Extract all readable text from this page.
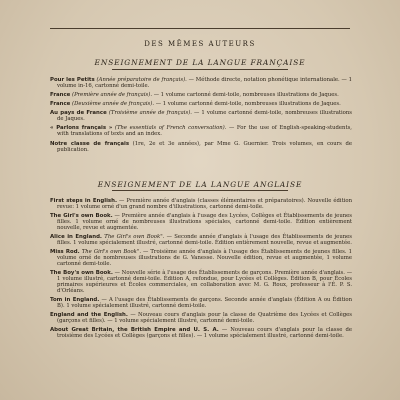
DES MÊMES AUTEURS
ENSEIGNEMENT DE LA LANGUE FRANÇAISE

Pour les Petits (Année préparatoire de français). — Méthode directe, notation phonétique internationale. — 1 volume in-16, cartonné demi-toile.

France (Première année de français). — 1 volume cartonné demi-toile, nombreuses illustrations de Jaques.

France (Deuxième année de français). — 1 volume cartonné demi-toile, nombreuses illustrations de Jaques.

Au pays de France (Troisième année de français). — 1 volume cartonné demi-toile, nombreuses illustrations de Jaques.

« Parlons français » (The essentials of French conversation). — For the use of English-speaking-students, with translations of texts and an index.

Notre classe de français (1re, 2e et 3e années), par Mme G. Guernier. Trois volumes, en cours de publication.

ENSEIGNEMENT DE LA LANGUE ANGLAISE

First steps in English. — Première année d'anglais (classes élémentaires et préparatoires). Nouvelle édition revue: 1 volume orné d'un grand nombre d'illustrations, cartonné demi-toile.

The Girl's own Book. — Première année d'anglais à l'usage des Lycées, Collèges et Établissements de jeunes filles. 1 volume orné de nombreuses illustrations spéciales, cartonné demi-toile. Édition entièrement nouvelle, revue et augmentée.

Alice in England. The Girl's own Book". — Seconde année d'anglais à l'usage des Établissements de jeunes filles. 1 volume spécialement illustré, cartonné demi-toile. Édition entièrement nouvelle, revue et augmentée.

Miss Rod. The Girl's own Book". — Troisième année d'anglais à l'usage des Établissements de jeunes filles. 1 volume orné de nombreuses illustrations de G. Vanesse. Nouvelle édition, revue et augmentée, 1 volume cartonné demi-toile.

The Boy's own Book. — Nouvelle série à l'usage des Établissements de garçons. Première année d'anglais. — 1 volume illustré, cartonné demi-toile. Édition A, refondue, pour Lycées et Collèges. Édition B, pour Écoles primaires supérieures et Écoles commerciales, en collaboration avec M. G. Roux, professeur à l'É. P. S. d'Orléans.

Tom in England. — A l'usage des Établissements de garçons. Seconde année d'anglais (Édition A ou Édition B). 1 volume spécialement illustré, cartonné demi-toile.

England and the English. — Nouveau cours d'anglais pour la classe de Quatrième des Lycées et Collèges (garçons et filles). — 1 volume spécialement illustré, cartonné demi-toile.

About Great Britain, the British Empire and U. S. A. — Nouveau cours d'anglais pour la classe de troisième des Lycées et Collèges (garçons et filles). — 1 volume spécialement illustré, cartonné demi-toile.
